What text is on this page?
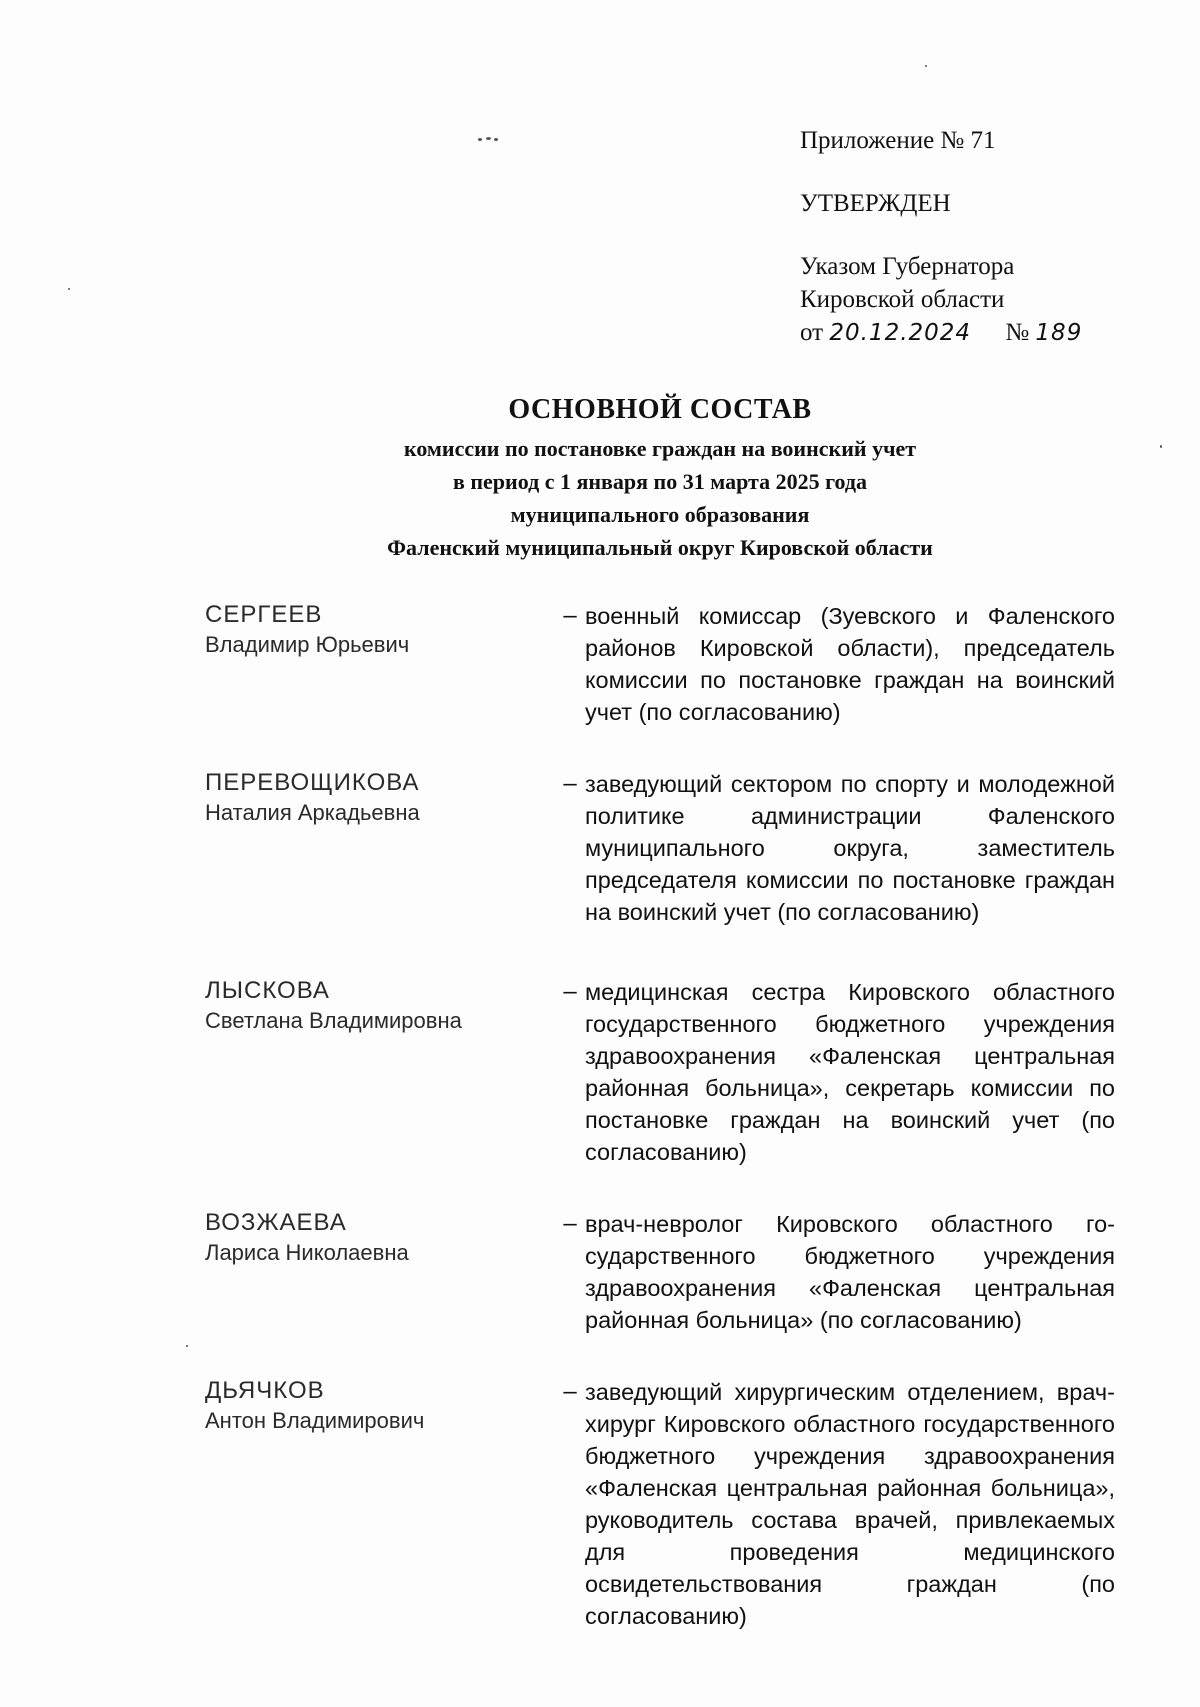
Приложение № 71

УТВЕРЖДЕН

Указом Губернатора

Кировской области

от 20.12.2024 № 189

ОСНОВНОЙ СОСТАВ

комиссии по постановке граждан на воинский учет

в период с 1 января по 31 марта 2025 года

муниципального образования

Фаленский муниципальный округ Кировской области

СЕРГЕЕВ
Владимир Юрьевич
– военный комиссар (Зуевского и Фаленского районов Кировской области), председатель комиссии по постановке граждан на воинский учет (по согласованию)
ПЕРЕВОЩИКОВА
Наталия Аркадьевна
– заведующий сектором по спорту и молодежной политике администрации Фаленского муниципального округа, заместитель председателя комиссии по постановке граждан на воинский учет (по согласованию)
ЛЫСКОВА
Светлана Владимировна
– медицинская сестра Кировского областного государственного бюджетного учреждения здравоохранения «Фаленская центральная районная больница», секретарь комиссии по постановке граждан на воинский учет (по согласованию)
ВОЗЖАЕВА
Лариса Николаевна
– врач-невролог Кировского областного государственного бюджетного учреждения здравоохранения «Фаленская центральная районная больница» (по согласованию)
ДЬЯЧКОВ
Антон Владимирович
– заведующий хирургическим отделением, врач-хирург Кировского областного государственного бюджетного учреждения здравоохранения «Фаленская центральная районная больница», руководитель состава врачей, привлекаемых для проведения медицинского освидетельствования граждан (по согласованию)
